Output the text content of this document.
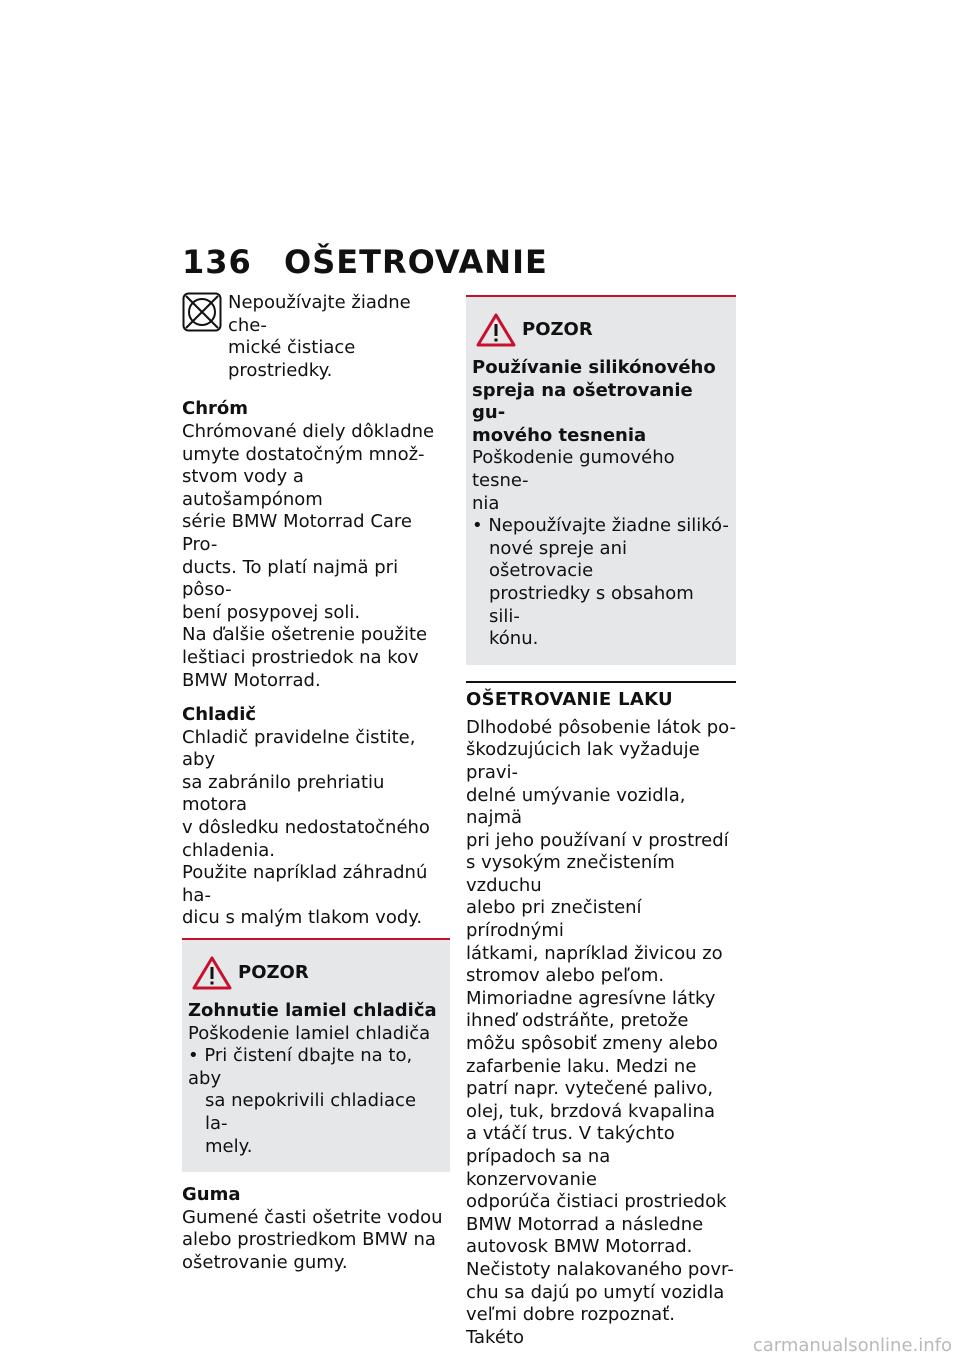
136 OŠETROVANIE

Nepoužívajte žiadne che-

mické čistiace prostriedky.

Chróm

Chrómované diely dôkladne

umyte dostatočným množ-

stvom vody a autošampónom

série BMW Motorrad Care Pro-

ducts. To platí najmä pri pôso-

bení posypovej soli.

Na ďalšie ošetrenie použite

leštiaci prostriedok na kov

BMW Motorrad.

Chladič

Chladič pravidelne čistite, aby

sa zabránilo prehriatiu motora

v dôsledku nedostatočného

chladenia.

Použite napríklad záhradnú ha-

dicu s malým tlakom vody.

POZOR

Zohnutie lamiel chladiča

Poškodenie lamiel chladiča

• Pri čistení dbajte na to, aby

sa nepokrivili chladiace la-

mely.

Guma

Gumené časti ošetrite vodou

alebo prostriedkom BMW na

ošetrovanie gumy.

POZOR

Používanie silikónového

spreja na ošetrovanie gu-

mového tesnenia

Poškodenie gumového tesne-

nia

• Nepoužívajte žiadne silikó-

nové spreje ani ošetrovacie

prostriedky s obsahom sili-

kónu.

OŠETROVANIE LAKU

Dlhodobé pôsobenie látok po-

škodzujúcich lak vyžaduje pravi-

delné umývanie vozidla, najmä

pri jeho používaní v prostredí

s vysokým znečistením vzduchu

alebo pri znečistení prírodnými

látkami, napríklad živicou zo

stromov alebo peľom.

Mimoriadne agresívne látky

ihneď odstráňte, pretože

môžu spôsobiť zmeny alebo

zafarbenie laku. Medzi ne

patrí napr. vytečené palivo,

olej, tuk, brzdová kvapalina

a vtáčí trus. V takýchto

prípadoch sa na konzervovanie

odporúča čistiaci prostriedok

BMW Motorrad a následne

autovosk BMW Motorrad.

Nečistoty nalakovaného povr-

chu sa dajú po umytí vozidla

veľmi dobre rozpoznať. Takéto	carmanualsonline.info
